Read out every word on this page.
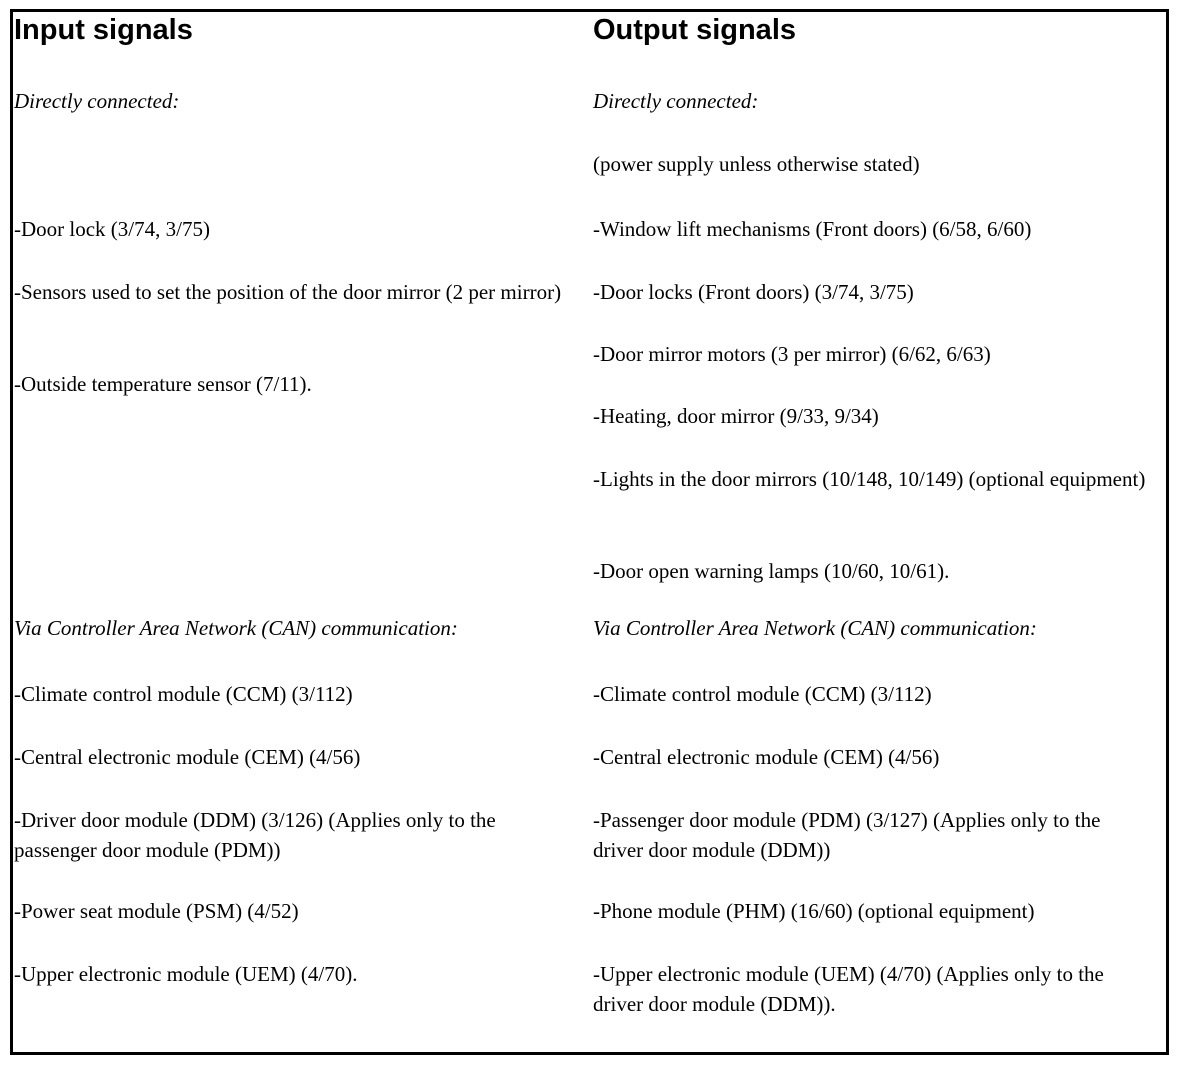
Input signals
Directly connected:
-Door lock (3/74, 3/75)
-Sensors used to set the position of the door mirror (2 per mirror)
-Outside temperature sensor (7/11).
Via Controller Area Network (CAN) communication:
-Climate control module (CCM) (3/112)
-Central electronic module (CEM) (4/56)
-Driver door module (DDM) (3/126) (Applies only to the passenger door module (PDM))
-Power seat module (PSM) (4/52)
-Upper electronic module (UEM) (4/70).
Output signals
Directly connected:
(power supply unless otherwise stated)
-Window lift mechanisms (Front doors) (6/58, 6/60)
-Door locks (Front doors) (3/74, 3/75)
-Door mirror motors (3 per mirror) (6/62, 6/63)
-Heating, door mirror (9/33, 9/34)
-Lights in the door mirrors (10/148, 10/149) (optional equipment)
-Door open warning lamps (10/60, 10/61).
Via Controller Area Network (CAN) communication:
-Climate control module (CCM) (3/112)
-Central electronic module (CEM) (4/56)
-Passenger door module (PDM) (3/127) (Applies only to the driver door module (DDM))
-Phone module (PHM) (16/60) (optional equipment)
-Upper electronic module (UEM) (4/70) (Applies only to the driver door module (DDM)).
